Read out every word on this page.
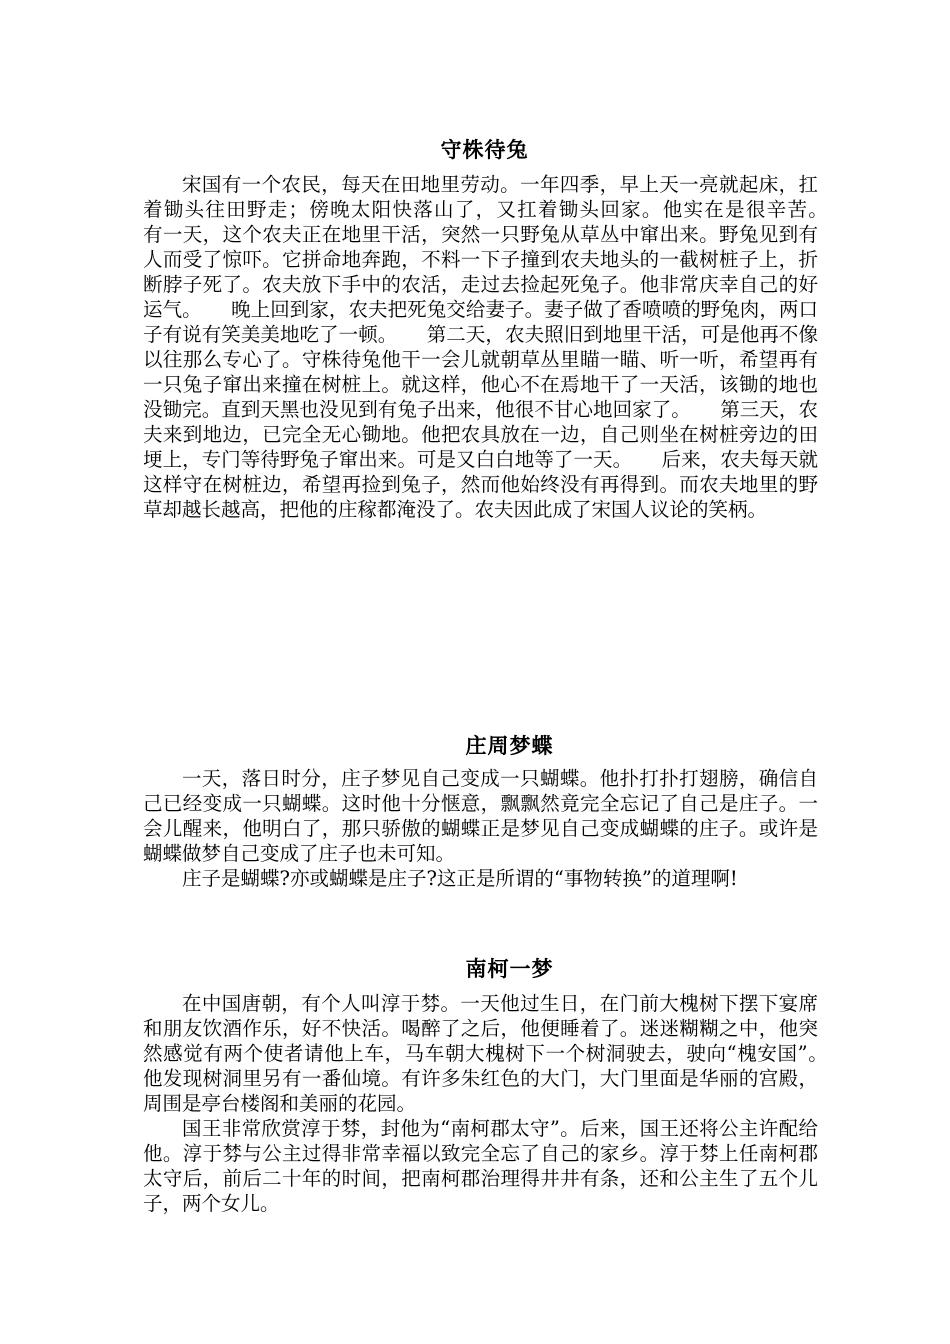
守株待兔

宋国有一个农民，每天在田地里劳动。一年四季，早上天一亮就起床，扛着锄头往田野走；傍晚太阳快落山了，又扛着锄头回家。他实在是很辛苦。　　有一天，这个农夫正在地里干活，突然一只野兔从草丛中窜出来。野兔见到有人而受了惊吓。它拼命地奔跑，不料一下子撞到农夫地头的一截树桩子上，折断脖子死了。农夫放下手中的农活，走过去捡起死兔子。他非常庆幸自己的好运气。　　晚上回到家，农夫把死兔交给妻子。妻子做了香喷喷的野兔肉，两口子有说有笑美美地吃了一顿。　　第二天，农夫照旧到地里干活，可是他再不像以往那么专心了。守株待兔他干一会儿就朝草丛里瞄一瞄、听一听，希望再有一只兔子窜出来撞在树桩上。就这样，他心不在焉地干了一天活，该锄的地也没锄完。直到天黑也没见到有兔子出来，他很不甘心地回家了。　　第三天，农夫来到地边，已完全无心锄地。他把农具放在一边，自己则坐在树桩旁边的田埂上，专门等待野兔子窜出来。可是又白白地等了一天。　　后来，农夫每天就这样守在树桩边，希望再捡到兔子，然而他始终没有再得到。而农夫地里的野草却越长越高，把他的庄稼都淹没了。农夫因此成了宋国人议论的笑柄。

庄周梦蝶

一天，落日时分，庄子梦见自己变成一只蝴蝶。他扑打扑打翅膀，确信自己已经变成一只蝴蝶。这时他十分惬意，飘飘然竟完全忘记了自己是庄子。一会儿醒来，他明白了，那只骄傲的蝴蝶正是梦见自己变成蝴蝶的庄子。或许是蝴蝶做梦自己变成了庄子也未可知。

庄子是蝴蝶?亦或蝴蝶是庄子?这正是所谓的“事物转换”的道理啊!

南柯一梦

在中国唐朝，有个人叫淳于棼。一天他过生日，在门前大槐树下摆下宴席和朋友饮酒作乐，好不快活。喝醉了之后，他便睡着了。迷迷糊糊之中，他突然感觉有两个使者请他上车，马车朝大槐树下一个树洞驶去，驶向“槐安国”。　　他发现树洞里另有一番仙境。有许多朱红色的大门，大门里面是华丽的宫殿，周围是亭台楼阁和美丽的花园。

国王非常欣赏淳于棼，封他为“南柯郡太守”。后来，国王还将公主许配给他。淳于棼与公主过得非常幸福以致完全忘了自己的家乡。淳于棼上任南柯郡太守后，前后二十年的时间，把南柯郡治理得井井有条，还和公主生了五个儿子，两个女儿。
